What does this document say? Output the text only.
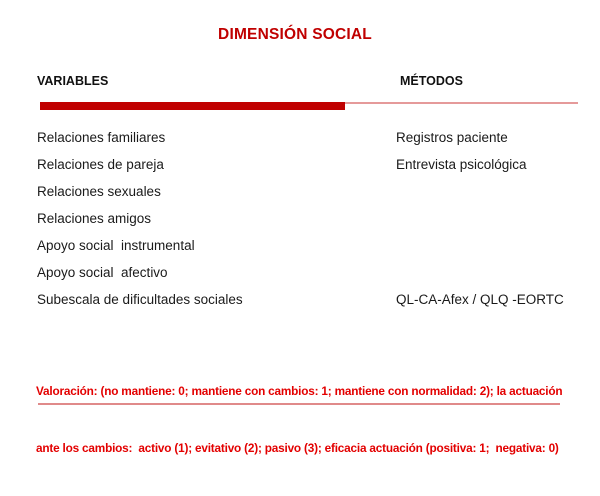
DIMENSIÓN SOCIAL
VARIABLES	MÉTODOS
Relaciones familiares	Registros paciente
Relaciones de pareja	Entrevista psicológica
Relaciones sexuales
Relaciones amigos
Apoyo social  instrumental
Apoyo social  afectivo
Subescala de dificultades sociales	QL-CA-Afex / QLQ -EORTC

Valoración: (no mantiene: 0; mantiene con cambios: 1; mantiene con normalidad: 2); la actuación

ante los cambios:  activo (1); evitativo (2); pasivo (3); eficacia actuación (positiva: 1;  negativa: 0)
